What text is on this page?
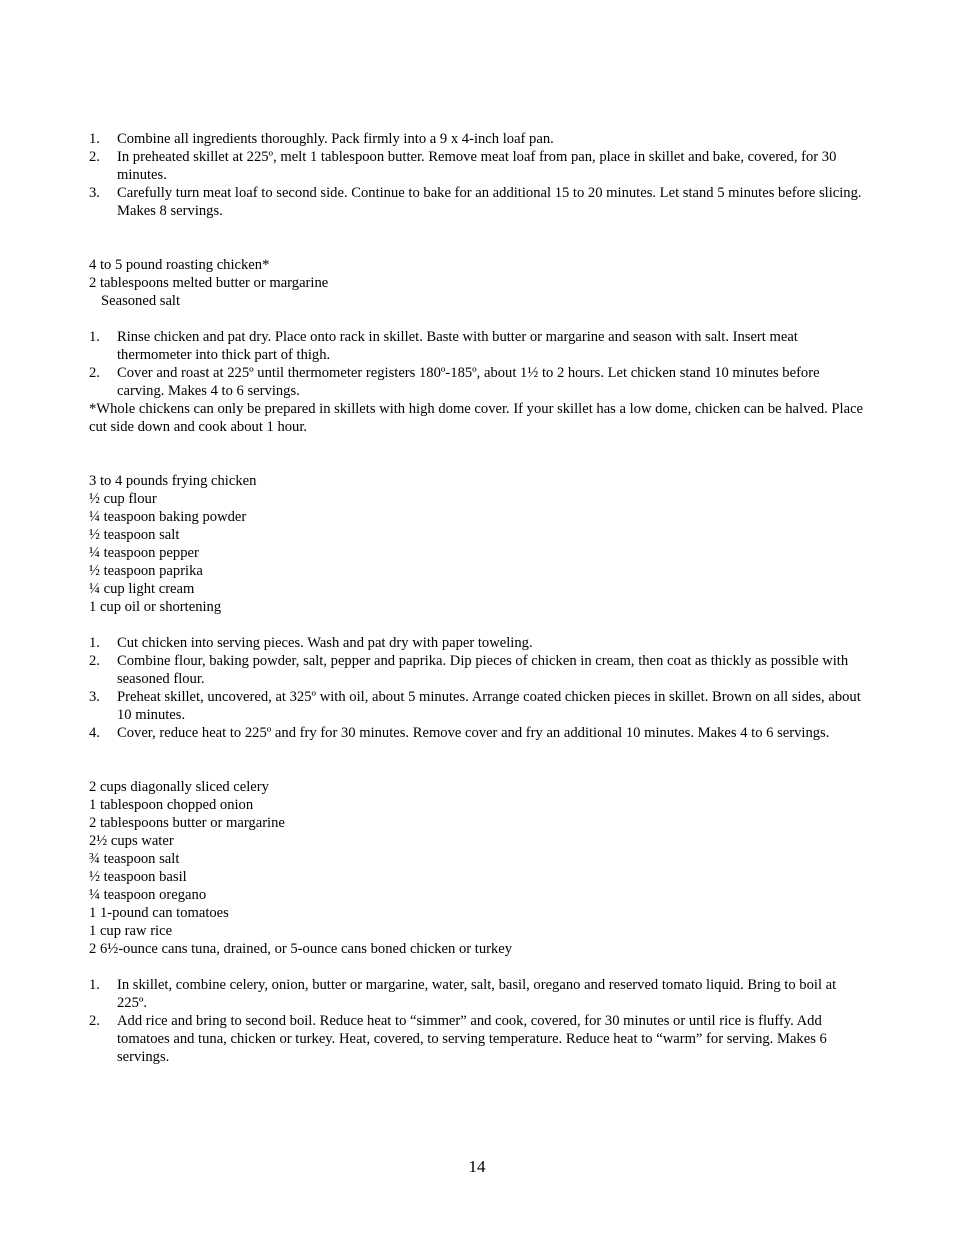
1. Combine all ingredients thoroughly. Pack firmly into a 9 x 4-inch loaf pan.
2. In preheated skillet at 225º, melt 1 tablespoon butter. Remove meat loaf from pan, place in skillet and bake, covered, for 30 minutes.
3. Carefully turn meat loaf to second side. Continue to bake for an additional 15 to 20 minutes. Let stand 5 minutes before slicing. Makes 8 servings.
4 to 5 pound roasting chicken*
2 tablespoons melted butter or margarine
Seasoned salt
1. Rinse chicken and pat dry. Place onto rack in skillet. Baste with butter or margarine and season with salt. Insert meat thermometer into thick part of thigh.
2. Cover and roast at 225º until thermometer registers 180º-185º, about 1½ to 2 hours. Let chicken stand 10 minutes before carving. Makes 4 to 6 servings.

*Whole chickens can only be prepared in skillets with high dome cover. If your skillet has a low dome, chicken can be halved. Place cut side down and cook about 1 hour.

3 to 4 pounds frying chicken
½ cup flour
¼ teaspoon baking powder
½ teaspoon salt
¼ teaspoon pepper
½ teaspoon paprika
¼ cup light cream
1 cup oil or shortening
1. Cut chicken into serving pieces. Wash and pat dry with paper toweling.
2. Combine flour, baking powder, salt, pepper and paprika. Dip pieces of chicken in cream, then coat as thickly as possible with seasoned flour.
3. Preheat skillet, uncovered, at 325º with oil, about 5 minutes. Arrange coated chicken pieces in skillet. Brown on all sides, about 10 minutes.
4. Cover, reduce heat to 225º and fry for 30 minutes. Remove cover and fry an additional 10 minutes. Makes 4 to 6 servings.
2 cups diagonally sliced celery
1 tablespoon chopped onion
2 tablespoons butter or margarine
2½ cups water
¾ teaspoon salt
½ teaspoon basil
¼ teaspoon oregano
1 1-pound can tomatoes
1 cup raw rice
2 6½-ounce cans tuna, drained, or 5-ounce cans boned chicken or turkey
1. In skillet, combine celery, onion, butter or margarine, water, salt, basil, oregano and reserved tomato liquid. Bring to boil at 225º.
2. Add rice and bring to second boil. Reduce heat to “simmer” and cook, covered, for 30 minutes or until rice is fluffy. Add tomatoes and tuna, chicken or turkey. Heat, covered, to serving temperature. Reduce heat to “warm” for serving. Makes 6 servings.
14
